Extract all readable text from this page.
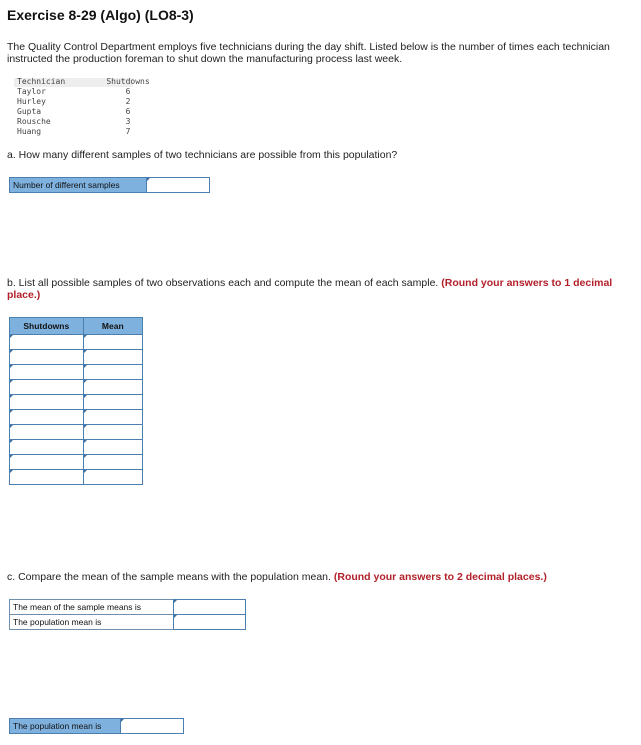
Exercise 8-29 (Algo) (LO8-3)
The Quality Control Department employs five technicians during the day shift. Listed below is the number of times each technician instructed the production foreman to shut down the manufacturing process last week.
Technician	Shutdowns
Taylor	6
Hurley	2
Gupta	6
Rousche	3
Huang	7
a. How many different samples of two technicians are possible from this population?
Number of different samples
b. List all possible samples of two observations each and compute the mean of each sample. (Round your answers to 1 decimal place.)
Shutdowns	Mean

c. Compare the mean of the sample means with the population mean. (Round your answers to 2 decimal places.)
The mean of the sample means is
The population mean is
The population mean is
